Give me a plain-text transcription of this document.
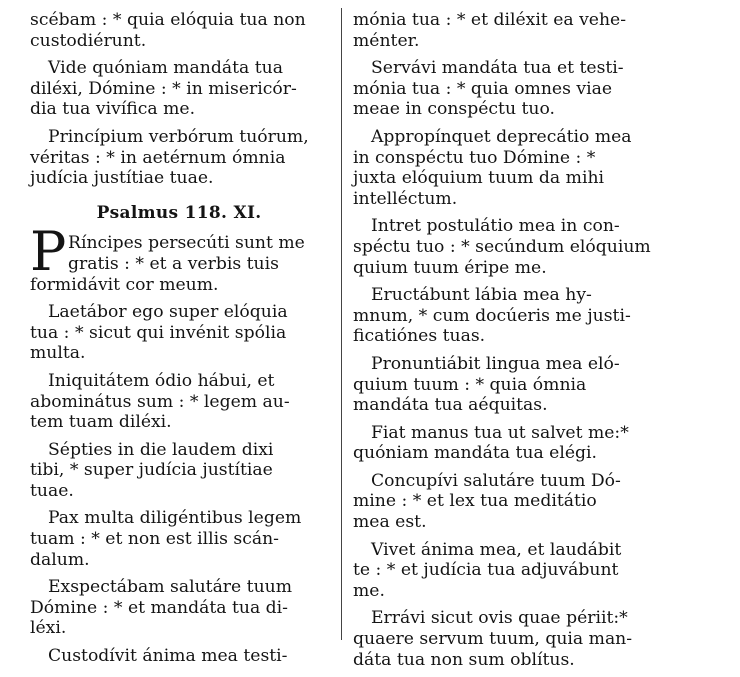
scébam : * quia elóquia tua non
custodiérunt.
Vide quóniam mandáta tua
diléxi, Dómine : * in misericór-
dia tua vivífica me.
Princípium verbórum tuórum,
véritas : * in aetérnum ómnia
judícia justítiae tuae.
Psalmus 118. XI.
P Ríncipes persecúti sunt me
gratis : * et a verbis tuis
formidávit cor meum.
Laetábor ego super elóquia
tua : * sicut qui invénit spólia
multa.
Iniquitátem ódio hábui, et
abominátus sum : * legem au-
tem tuam diléxi.
Sépties in die laudem dixi
tibi, * super judícia justítiae
tuae.
Pax multa diligéntibus legem
tuam : * et non est illis scán-
dalum.
Exspectábam salutáre tuum
Dómine : * et mandáta tua di-
léxi.
Custodívit ánima mea testi-
mónia tua : * et diléxit ea vehe-
ménter.
Servávi mandáta tua et testi-
mónia tua : * quia omnes viae
meae in conspéctu tuo.
Appropínquet deprecátio mea
in conspéctu tuo Dómine : *
juxta elóquium tuum da mihi
intelléctum.
Intret postulátio mea in con-
spéctu tuo : * secúndum elóquium
quium tuum éripe me.
Eructábunt lábia mea hy-
mnum, * cum docúeris me justi-
ficatiónes tuas.
Pronuntiábit lingua mea eló-
quium tuum : * quia ómnia
mandáta tua aéquitas.
Fiat manus tua ut salvet me:*
quóniam mandáta tua elégi.
Concupívi salutáre tuum Dó-
mine : * et lex tua meditátio
mea est.
Vivet ánima mea, et laudábit
te : * et judícia tua adjuvábunt
me.
Errávi sicut ovis quae périit:*
quaere servum tuum, quia man-
dáta tua non sum oblítus.
